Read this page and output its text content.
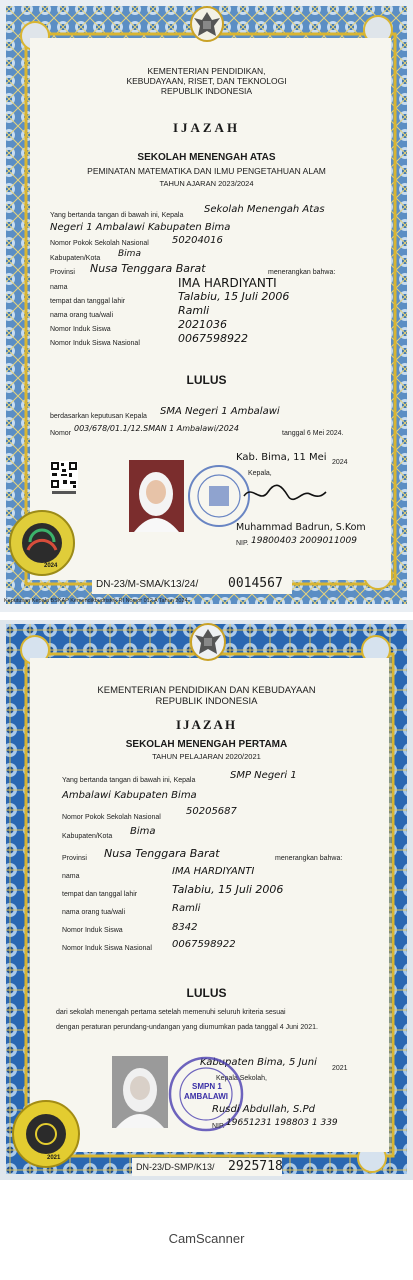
KEMENTERIAN PENDIDIKAN,
KEBUDAYAAN, RISET, DAN TEKNOLOGI
REPUBLIK INDONESIA
IJAZAH
SEKOLAH MENENGAH ATAS
PEMINATAN MATEMATIKA DAN ILMU PENGETAHUAN ALAM
TAHUN AJARAN 2023/2024
Yang bertanda tangan di bawah ini, Kepala
Sekolah Menengah Atas
Negeri 1 Ambalawi Kabupaten Bima
Nomor Pokok Sekolah Nasional 50204016
Kabupaten/Kota Bima
Provinsi Nusa Tenggara Barat	menerangkan bahwa:
nama	IMA HARDIYANTI
tempat dan tanggal lahir	Talabiu, 15 Juli 2006
nama orang tua/wali	Ramli
Nomor Induk Siswa	2021036
Nomor Induk Siswa Nasional	0067598922
LULUS
berdasarkan keputusan Kepala SMA Negeri 1 Ambalawi
Nomor
003/678/01.1/12.SMAN 1 Ambalawi/2024
tanggal 6 Mei 2024.
Kab. Bima, 11 Mei 2024
Kepala,
Muhammad Badrun, S.Kom
NIP. 19800403 2009011009
2024
DN-23/M-SMA/K13/24/ 0014567
Keputusan Kepala BSKAP Kemendikbudristek RI Nomor 012 A Tahun 2024
KEMENTERIAN PENDIDIKAN DAN KEBUDAYAAN
REPUBLIK INDONESIA
IJAZAH
SEKOLAH MENENGAH PERTAMA
TAHUN PELAJARAN 2020/2021
Yang bertanda tangan di bawah ini, Kepala	SMP Negeri 1
Ambalawi Kabupaten Bima
Nomor Pokok Sekolah Nasional
50205687
Kabupaten/Kota Bima
Provinsi Nusa Tenggara Barat	menerangkan bahwa:
nama	IMA HARDIYANTI
tempat dan tanggal lahir	Talabiu, 15 Juli 2006
nama orang tua/wali	Ramli
Nomor Induk Siswa	8342
Nomor Induk Siswa Nasional 0067598922
LULUS
dari sekolah menengah pertama setelah memenuhi seluruh kriteria sesuai
dengan peraturan perundang-undangan yang diumumkan pada tanggal 4 Juni 2021.
Kabupaten Bima, 5 Juni
2021
Kepala Sekolah,
SMPN 1
AMBALAWI
Rusdi Abdullah, S.Pd
NIP. 19651231 198803 1 339
2021
DN-23/D-SMP/K13/ 2925718
CamScanner
